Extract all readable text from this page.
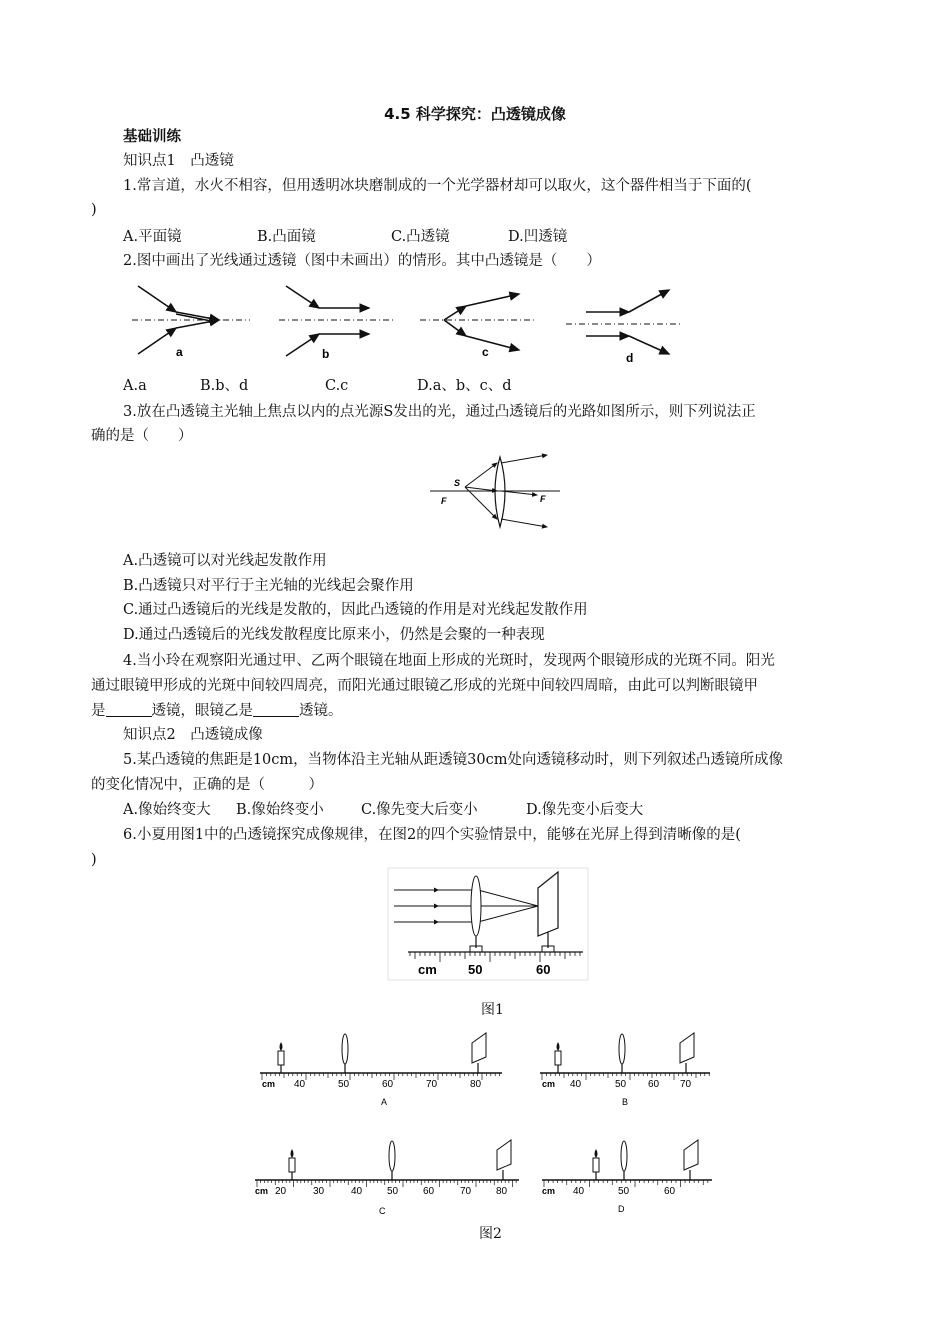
4.5 科学探究：凸透镜成像
基础训练
知识点1　凸透镜
1.常言道，水火不相容，但用透明冰块磨制成的一个光学器材却可以取火，这个器件相当于下面的(
)
A.平面镜	B.凸面镜	C.凸透镜	D.凹透镜
2.图中画出了光线通过透镜（图中未画出）的情形。其中凸透镜是（　　）
a	b	c	d
A.a	B.b、d	C.c	D.a、b、c、d
3.放在凸透镜主光轴上焦点以内的点光源S发出的光，通过凸透镜后的光路如图所示，则下列说法正
确的是（　　）
S
F	F
A.凸透镜可以对光线起发散作用
B.凸透镜只对平行于主光轴的光线起会聚作用
C.通过凸透镜后的光线是发散的，因此凸透镜的作用是对光线起发散作用
D.通过凸透镜后的光线发散程度比原来小，仍然是会聚的一种表现
4.当小玲在观察阳光通过甲、乙两个眼镜在地面上形成的光斑时，发现两个眼镜形成的光斑不同。阳光
通过眼镜甲形成的光斑中间较四周亮，而阳光通过眼镜乙形成的光斑中间较四周暗，由此可以判断眼镜甲
是	透镜，眼镜乙是	透镜。
知识点2　凸透镜成像
5.某凸透镜的焦距是10cm，当物体沿主光轴从距透镜30cm处向透镜移动时，则下列叙述凸透镜所成像
的变化情况中，正确的是（　　　）
A.像始终变大 B.像始终变小	C.像先变大后变小	D.像先变小后变大
6.小夏用图1中的凸透镜探究成像规律，在图2的四个实验情景中，能够在光屏上得到清晰像的是(
)
cm 50	60
图1
cm 40	50	60	70	80
A
cm 40	50 60 70
B
cm 20	30	40 50 60	70 80
C
cm 40	50	60
D
图2
